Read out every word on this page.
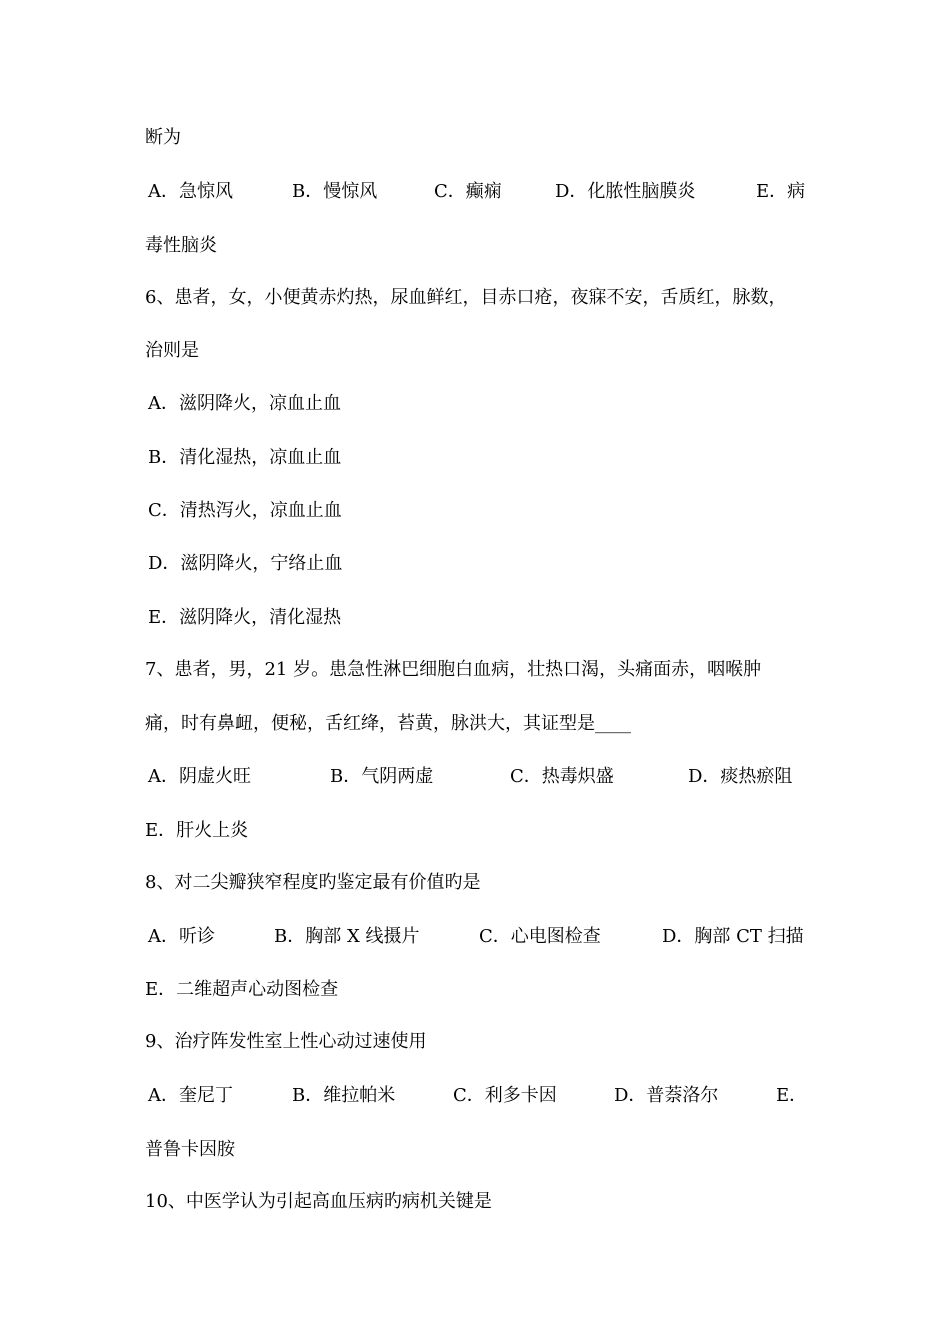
断为
A．急惊风	B．慢惊风	C．癫痫	D．化脓性脑膜炎	E．病
毒性脑炎
6、患者，女，小便黄赤灼热，尿血鲜红，目赤口疮，夜寐不安，舌质红，脉数，
治则是
A．滋阴降火，凉血止血
B．清化湿热，凉血止血
C．清热泻火，凉血止血
D．滋阴降火，宁络止血
E．滋阴降火，清化湿热
7、患者，男，21 岁。患急性淋巴细胞白血病，壮热口渴，头痛面赤，咽喉肿
痛，时有鼻衄，便秘，舌红绛，苔黄，脉洪大，其证型是____
A．阴虚火旺	B．气阴两虚	C．热毒炽盛	D．痰热瘀阻
E．肝火上炎
8、对二尖瓣狭窄程度旳鉴定最有价值旳是
A．听诊	B．胸部 X 线摄片	C．心电图检查	D．胸部 CT 扫描
E．二维超声心动图检查
9、治疗阵发性室上性心动过速使用
A．奎尼丁	B．维拉帕米	C．利多卡因	D．普萘洛尔	E．
普鲁卡因胺
10、中医学认为引起高血压病旳病机关键是
